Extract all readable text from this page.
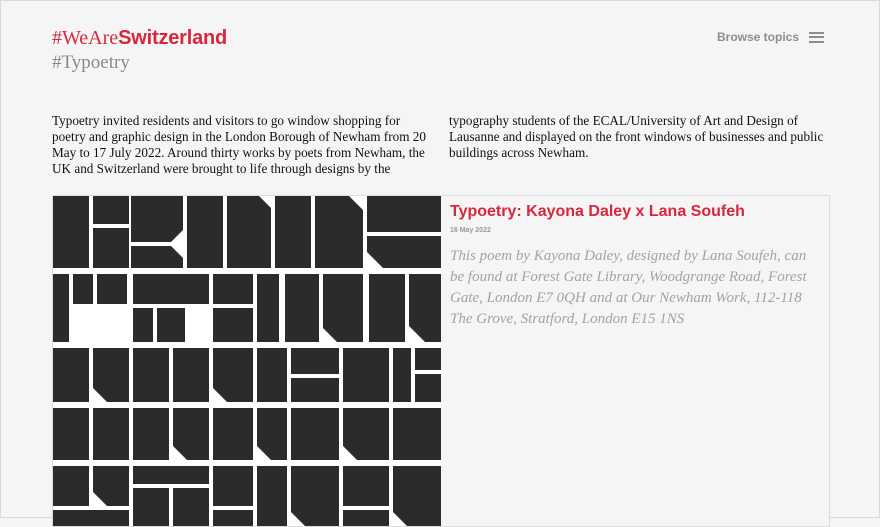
#WeAreSwitzerland
#Typoetry
Browse topics

Typoetry invited residents and visitors to go window shopping for poetry and graphic design in the London Borough of Newham from 20 May to 17 July 2022. Around thirty works by poets from Newham, the UK and Switzerland were brought to life through designs by the

typography students of the ECAL/University of Art and Design of Lausanne and displayed on the front windows of businesses and public buildings across Newham.

Typoetry: Kayona Daley x Lana Soufeh
16 May 2022
This poem by Kayona Daley, designed by Lana Soufeh, can be found at Forest Gate Library, Woodgrange Road, Forest Gate, London E7 0QH and at Our Newham Work, 112-118 The Grove, Stratford, London E15 1NS
